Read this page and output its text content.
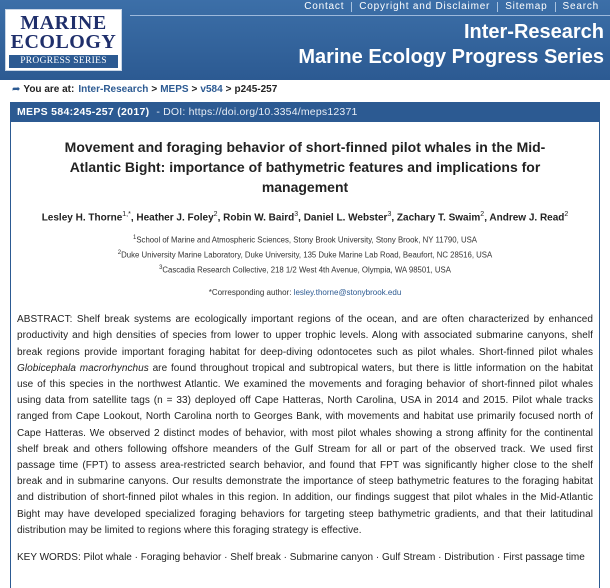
Contact	Copyright and Disclaimer	Sitemap	Search
MARINE
ECOLOGY
PROGRESS SERIES
Inter-Research
Marine Ecology Progress Series
➦ You are at: Inter-Research > MEPS > v584 > p245-257
MEPS 584:245-257 (2017) - DOI: https://doi.org/10.3354/meps12371
Movement and foraging behavior of short-finned pilot whales in the Mid-Atlantic Bight: importance of bathymetric features and implications for management
Lesley H. Thorne$^{1,*}$, Heather J. Foley$^2$, Robin W. Baird$^3$, Daniel L. Webster$^3$, Zachary T. Swaim$^2$, Andrew J. Read$^2$
$^1$School of Marine and Atmospheric Sciences, Stony Brook University, Stony Brook, NY 11790, USA
$^2$Duke University Marine Laboratory, Duke University, 135 Duke Marine Lab Road, Beaufort, NC 28516, USA
$^3$Cascadia Research Collective, 218 1/2 West 4th Avenue, Olympia, WA 98501, USA
*Corresponding author: lesley.thorne@stonybrook.edu

ABSTRACT: Shelf break systems are ecologically important regions of the ocean, and are often characterized by enhanced productivity and high densities of species from lower to upper trophic levels. Along with associated submarine canyons, shelf break regions provide important foraging habitat for deep-diving odontocetes such as pilot whales. Short-finned pilot whales Globicephala macrorhynchus are found throughout tropical and subtropical waters, but there is little information on the habitat use of this species in the northwest Atlantic. We examined the movements and foraging behavior of short-finned pilot whales using data from satellite tags (n = 33) deployed off Cape Hatteras, North Carolina, USA in 2014 and 2015. Pilot whale tracks ranged from Cape Lookout, North Carolina north to Georges Bank, with movements and habitat use primarily focused north of Cape Hatteras. We observed 2 distinct modes of behavior, with most pilot whales showing a strong affinity for the continental shelf break and others following offshore meanders of the Gulf Stream for all or part of the observed track. We used first passage time (FPT) to assess area-restricted search behavior, and found that FPT was significantly higher close to the shelf break and in submarine canyons. Our results demonstrate the importance of steep bathymetric features to the foraging habitat and distribution of short-finned pilot whales in this region. In addition, our findings suggest that pilot whales in the Mid-Atlantic Bight may have developed specialized foraging behaviors for targeting steep bathymetric gradients, and that their latitudinal distribution may be limited to regions where this foraging strategy is effective.

KEY WORDS: Pilot whale · Foraging behavior · Shelf break · Submarine canyon · Gulf Stream · Distribution · First passage time
